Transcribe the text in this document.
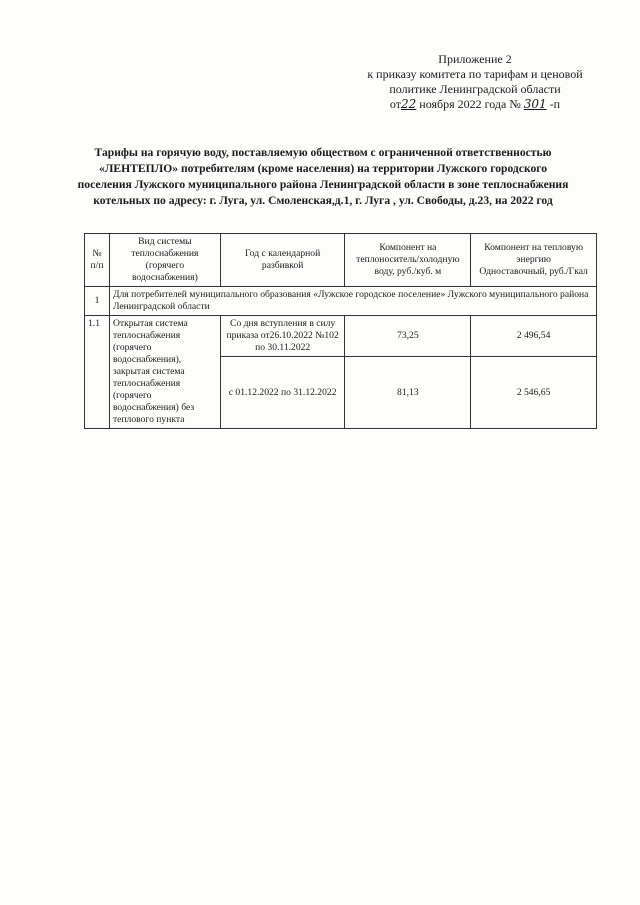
Приложение 2
к приказу комитета по тарифам и ценовой
политике Ленинградской области
от22 ноября 2022 года № 301 -п
Тарифы на горячую воду, поставляемую обществом с ограниченной ответственностью
«ЛЕНТЕПЛО» потребителям (кроме населения) на территории Лужского городского
поселения Лужского муниципального района Ленинградской области в зоне теплоснабжения
котельных по адресу: г. Луга, ул. Смоленская,д.1, г. Луга , ул. Свободы, д.23, на 2022 год
№ п/п	Вид системы теплоснабжения (горячего водоснабжения)	Год с календарной разбивкой	Компонент на теплоноситель/холодную воду, руб./куб. м	Компонент на тепловую энергию
Одноставочный, руб./Гкал

1	Для потребителей муниципального образования «Лужское городское поселение» Лужского муниципального района Ленинградской области			
1.1	Открытая система теплоснабжения (горячего водоснабжения), закрытая система теплоснабжения (горячего водоснабжения) без теплового пункта	Со дня вступления в силу приказа от26.10.2022 №102 по 30.11.2022	73,25	2 496,54
		с 01.12.2022 по 31.12.2022	81,13	2 546,65
